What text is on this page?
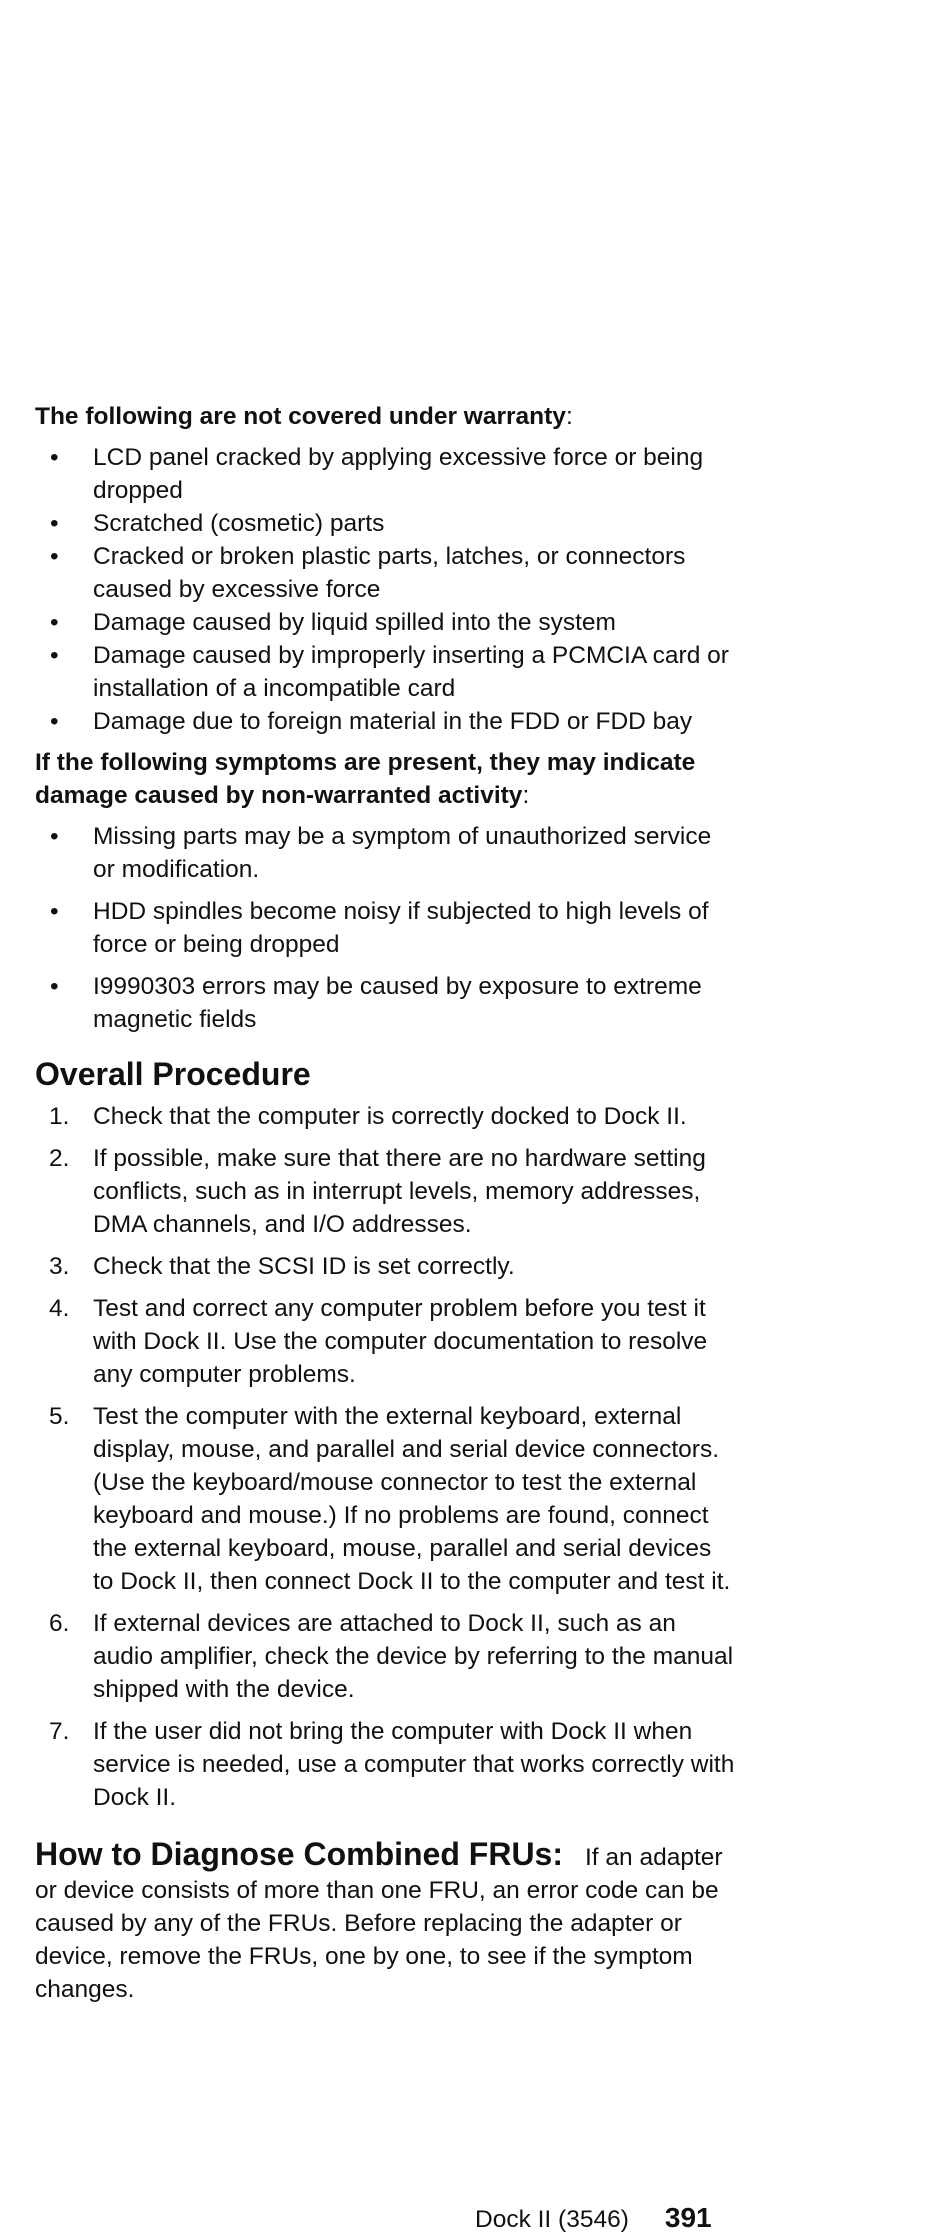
The following are not covered under warranty:

• LCD panel cracked by applying excessive force or being dropped
• Scratched (cosmetic) parts
• Cracked or broken plastic parts, latches, or connectors caused by excessive force
• Damage caused by liquid spilled into the system
• Damage caused by improperly inserting a PCMCIA card or installation of a incompatible card
• Damage due to foreign material in the FDD or FDD bay

If the following symptoms are present, they may indicate damage caused by non-warranted activity:

• Missing parts may be a symptom of unauthorized service or modification.
• HDD spindles become noisy if subjected to high levels of force or being dropped
• I9990303 errors may be caused by exposure to extreme magnetic fields
Overall Procedure
1. Check that the computer is correctly docked to Dock II.
2. If possible, make sure that there are no hardware setting conflicts, such as in interrupt levels, memory addresses, DMA channels, and I/O addresses.
3. Check that the SCSI ID is set correctly.
4. Test and correct any computer problem before you test it with Dock II. Use the computer documentation to resolve any computer problems.
5. Test the computer with the external keyboard, external display, mouse, and parallel and serial device connectors. (Use the keyboard/mouse connector to test the external keyboard and mouse.) If no problems are found, connect the external keyboard, mouse, parallel and serial devices to Dock II, then connect Dock II to the computer and test it.
6. If external devices are attached to Dock II, such as an audio amplifier, check the device by referring to the manual shipped with the device.
7. If the user did not bring the computer with Dock II when service is needed, use a computer that works correctly with Dock II.

How to Diagnose Combined FRUs: If an adapter or device consists of more than one FRU, an error code can be caused by any of the FRUs. Before replacing the adapter or device, remove the FRUs, one by one, to see if the symptom changes.

Dock II (3546) 391
